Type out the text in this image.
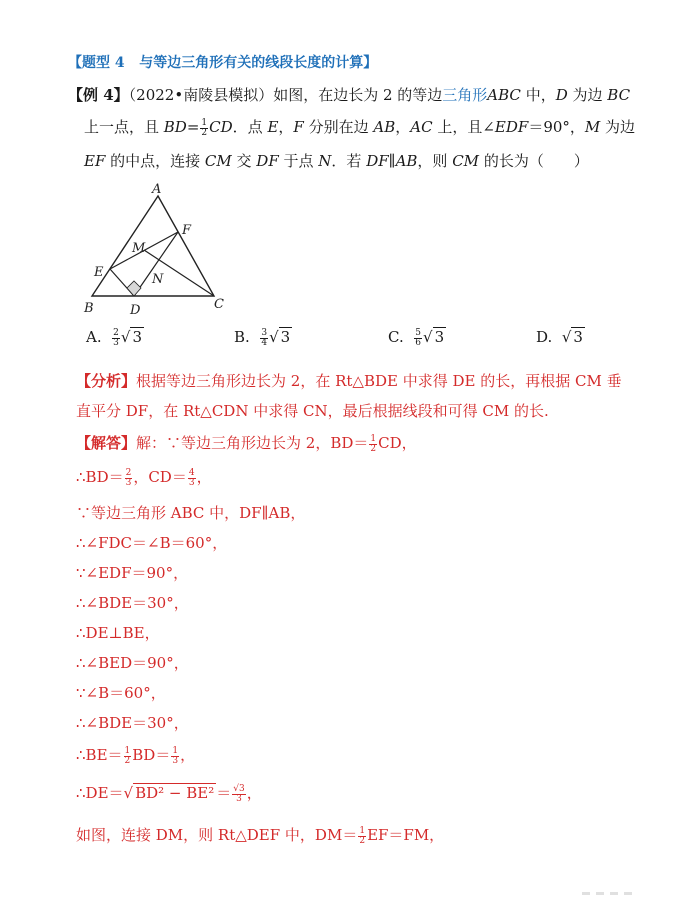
【题型 4 与等边三角形有关的线段长度的计算】
【例 4】（2022•南陵县模拟）如图，在边长为 2 的等边三角形ABC 中，D 为边 BC
上一点，且 $BD= \frac{1}{2}$ CD．点 E，F 分别在边 AB，AC 上，且∠EDF＝90°，M 为边
EF 的中点，连接 CM 交 DF 于点 N．若 DF∥AB，则 CM 的长为（　　）
A
B	C
D
E
F
M
N
A. $\frac{2}{3}$ √ 3	B. $\frac{3}{4}$ √ 3	C. $\frac{5}{6}$ √ 3	D. √ 3
【分析】根据等边三角形边长为 2，在 Rt△BDE 中求得 DE 的长，再根据 CM 垂
直平分 DF，在 Rt△CDN 中求得 CN，最后根据线段和可得 CM 的长.
【解答】解：∵等边三角形边长为 2，$BD= \frac{1}{2}$ CD，
∴BD＝ $\frac{2}{3}$ ，$CD= \frac{4}{3}$ ，
∵等边三角形 ABC 中，DF∥AB，
∴∠FDC＝∠B＝60°，
∵∠EDF＝90°，
∴∠BDE＝30°，
∴DE⊥BE，
∴∠BED＝90°，
∵∠B＝60°，
∴∠BDE＝30°，
∴BE＝ $\frac{1}{2} BD= \frac{1}{3}$ ，
∴DE＝√ $BD^2 - BE^2 = \frac{√3}{3}$ ，
如图，连接 DM，则 Rt△DEF 中，$DM= \frac{1}{2} EF=FM$，
